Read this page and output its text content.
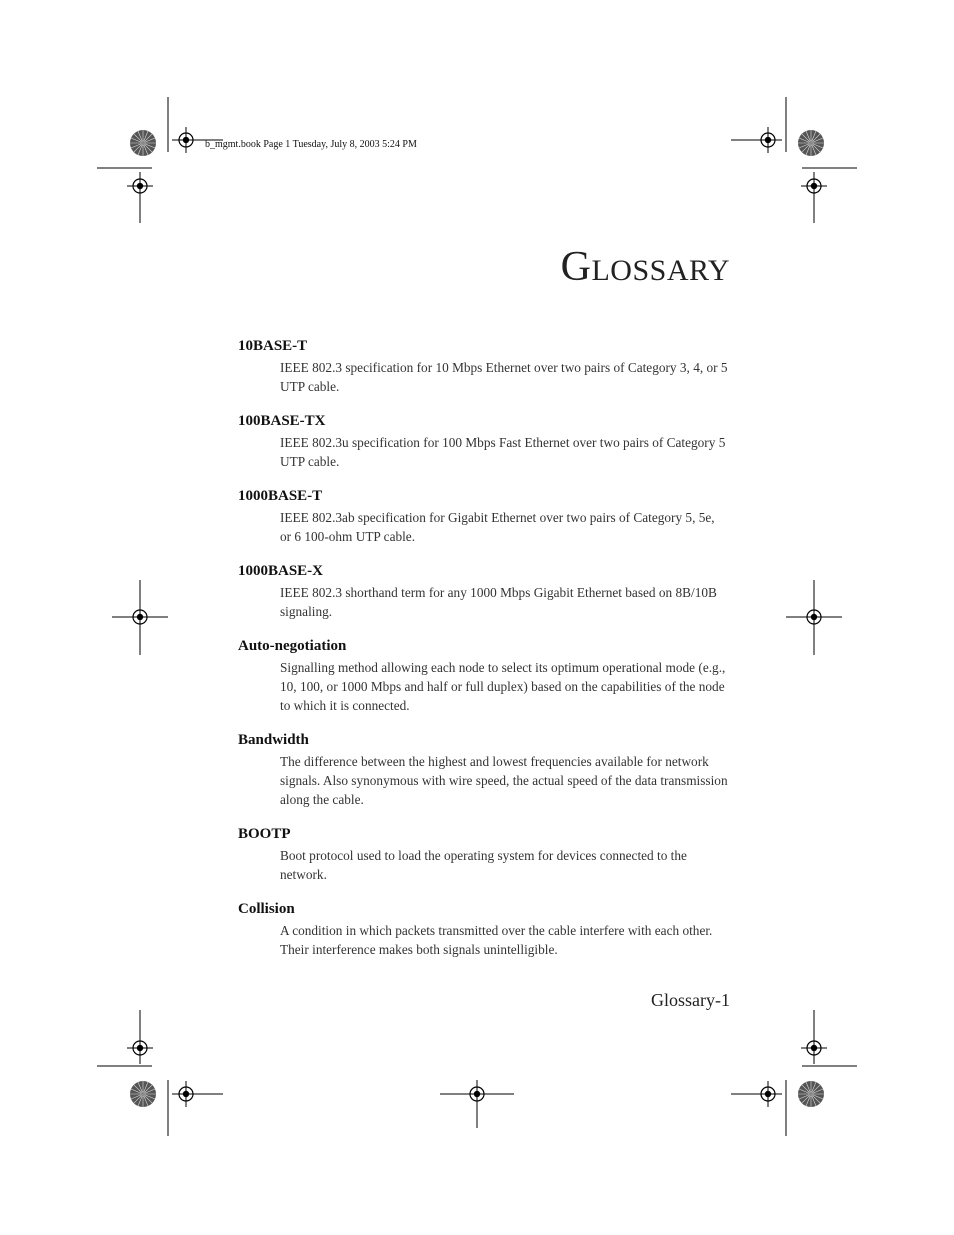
b_mgmt.book Page 1 Tuesday, July 8, 2003 5:24 PM
GLOSSARY

10BASE-T

IEEE 802.3 specification for 10 Mbps Ethernet over two pairs of Category 3, 4, or 5 UTP cable.

100BASE-TX

IEEE 802.3u specification for 100 Mbps Fast Ethernet over two pairs of Category 5 UTP cable.

1000BASE-T

IEEE 802.3ab specification for Gigabit Ethernet over two pairs of Category 5, 5e, or 6 100-ohm UTP cable.

1000BASE-X

IEEE 802.3 shorthand term for any 1000 Mbps Gigabit Ethernet based on 8B/10B signaling.

Auto-negotiation

Signalling method allowing each node to select its optimum operational mode (e.g., 10, 100, or 1000 Mbps and half or full duplex) based on the capabilities of the node to which it is connected.

Bandwidth

The difference between the highest and lowest frequencies available for network signals. Also synonymous with wire speed, the actual speed of the data transmission along the cable.

BOOTP

Boot protocol used to load the operating system for devices connected to the network.

Collision

A condition in which packets transmitted over the cable interfere with each other. Their interference makes both signals unintelligible.

Glossary-1
